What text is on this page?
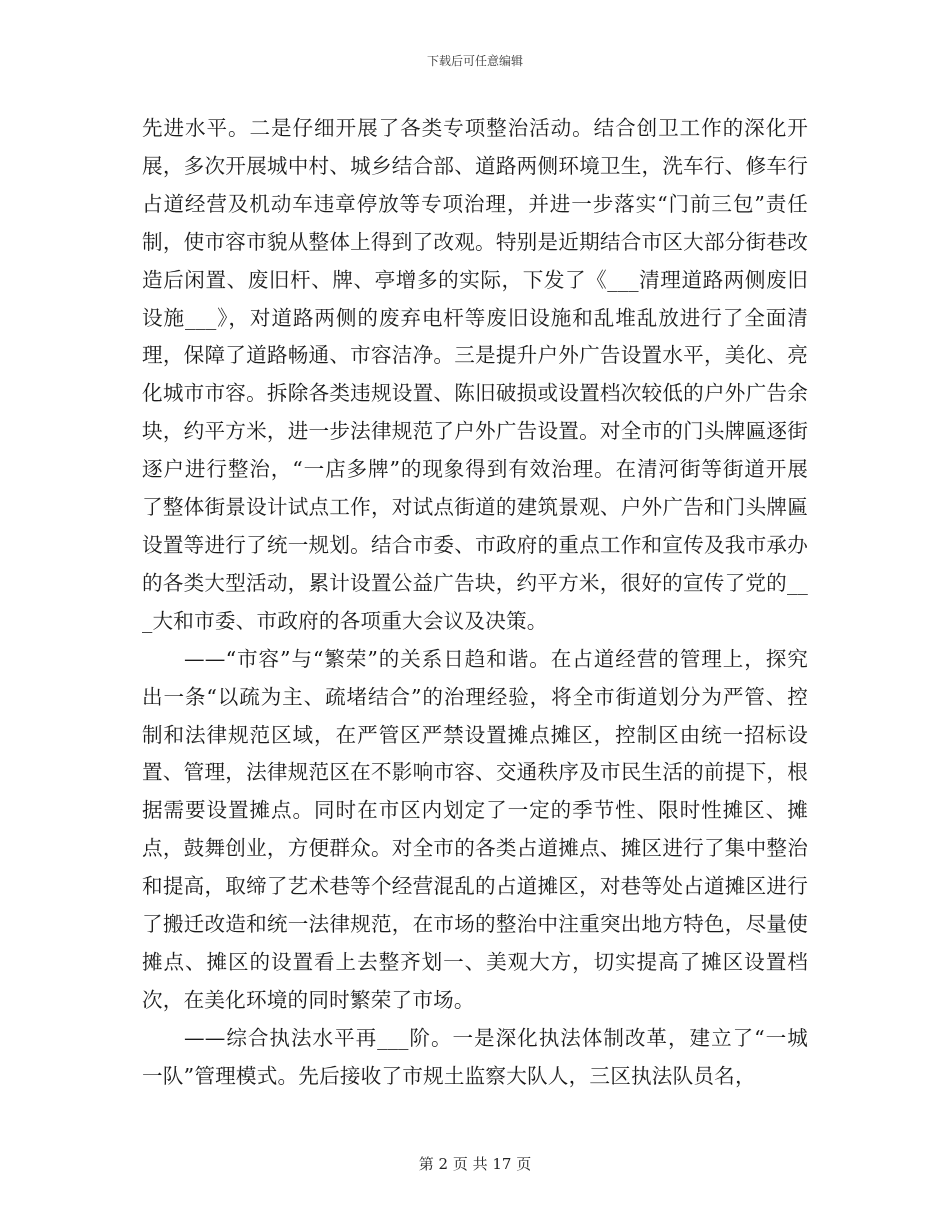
下载后可任意编辑

先进水平。二是仔细开展了各类专项整治活动。结合创卫工作的深化开展，多次开展城中村、城乡结合部、道路两侧环境卫生，洗车行、修车行占道经营及机动车违章停放等专项治理，并进一步落实“门前三包”责任制，使市容市貌从整体上得到了改观。特别是近期结合市区大部分街巷改造后闲置、废旧杆、牌、亭增多的实际，下发了《___清理道路两侧废旧设施___》，对道路两侧的废弃电杆等废旧设施和乱堆乱放进行了全面清理，保障了道路畅通、市容洁净。三是提升户外广告设置水平，美化、亮化城市市容。拆除各类违规设置、陈旧破损或设置档次较低的户外广告余块，约平方米，进一步法律规范了户外广告设置。对全市的门头牌匾逐街逐户进行整治，“一店多牌”的现象得到有效治理。在清河街等街道开展了整体街景设计试点工作，对试点街道的建筑景观、户外广告和门头牌匾设置等进行了统一规划。结合市委、市政府的重点工作和宣传及我市承办的各类大型活动，累计设置公益广告块，约平方米，很好的宣传了党的___大和市委、市政府的各项重大会议及决策。

——“市容”与“繁荣”的关系日趋和谐。在占道经营的管理上，探究出一条“以疏为主、疏堵结合”的治理经验，将全市街道划分为严管、控制和法律规范区域，在严管区严禁设置摊点摊区，控制区由统一招标设置、管理，法律规范区在不影响市容、交通秩序及市民生活的前提下，根据需要设置摊点。同时在市区内划定了一定的季节性、限时性摊区、摊点，鼓舞创业，方便群众。对全市的各类占道摊点、摊区进行了集中整治和提高，取缔了艺术巷等个经营混乱的占道摊区，对巷等处占道摊区进行了搬迁改造和统一法律规范，在市场的整治中注重突出地方特色，尽量使摊点、摊区的设置看上去整齐划一、美观大方，切实提高了摊区设置档次，在美化环境的同时繁荣了市场。

——综合执法水平再___阶。一是深化执法体制改革，建立了“一城一队”管理模式。先后接收了市规土监察大队人，三区执法队员名，

第 2 页 共 17 页
